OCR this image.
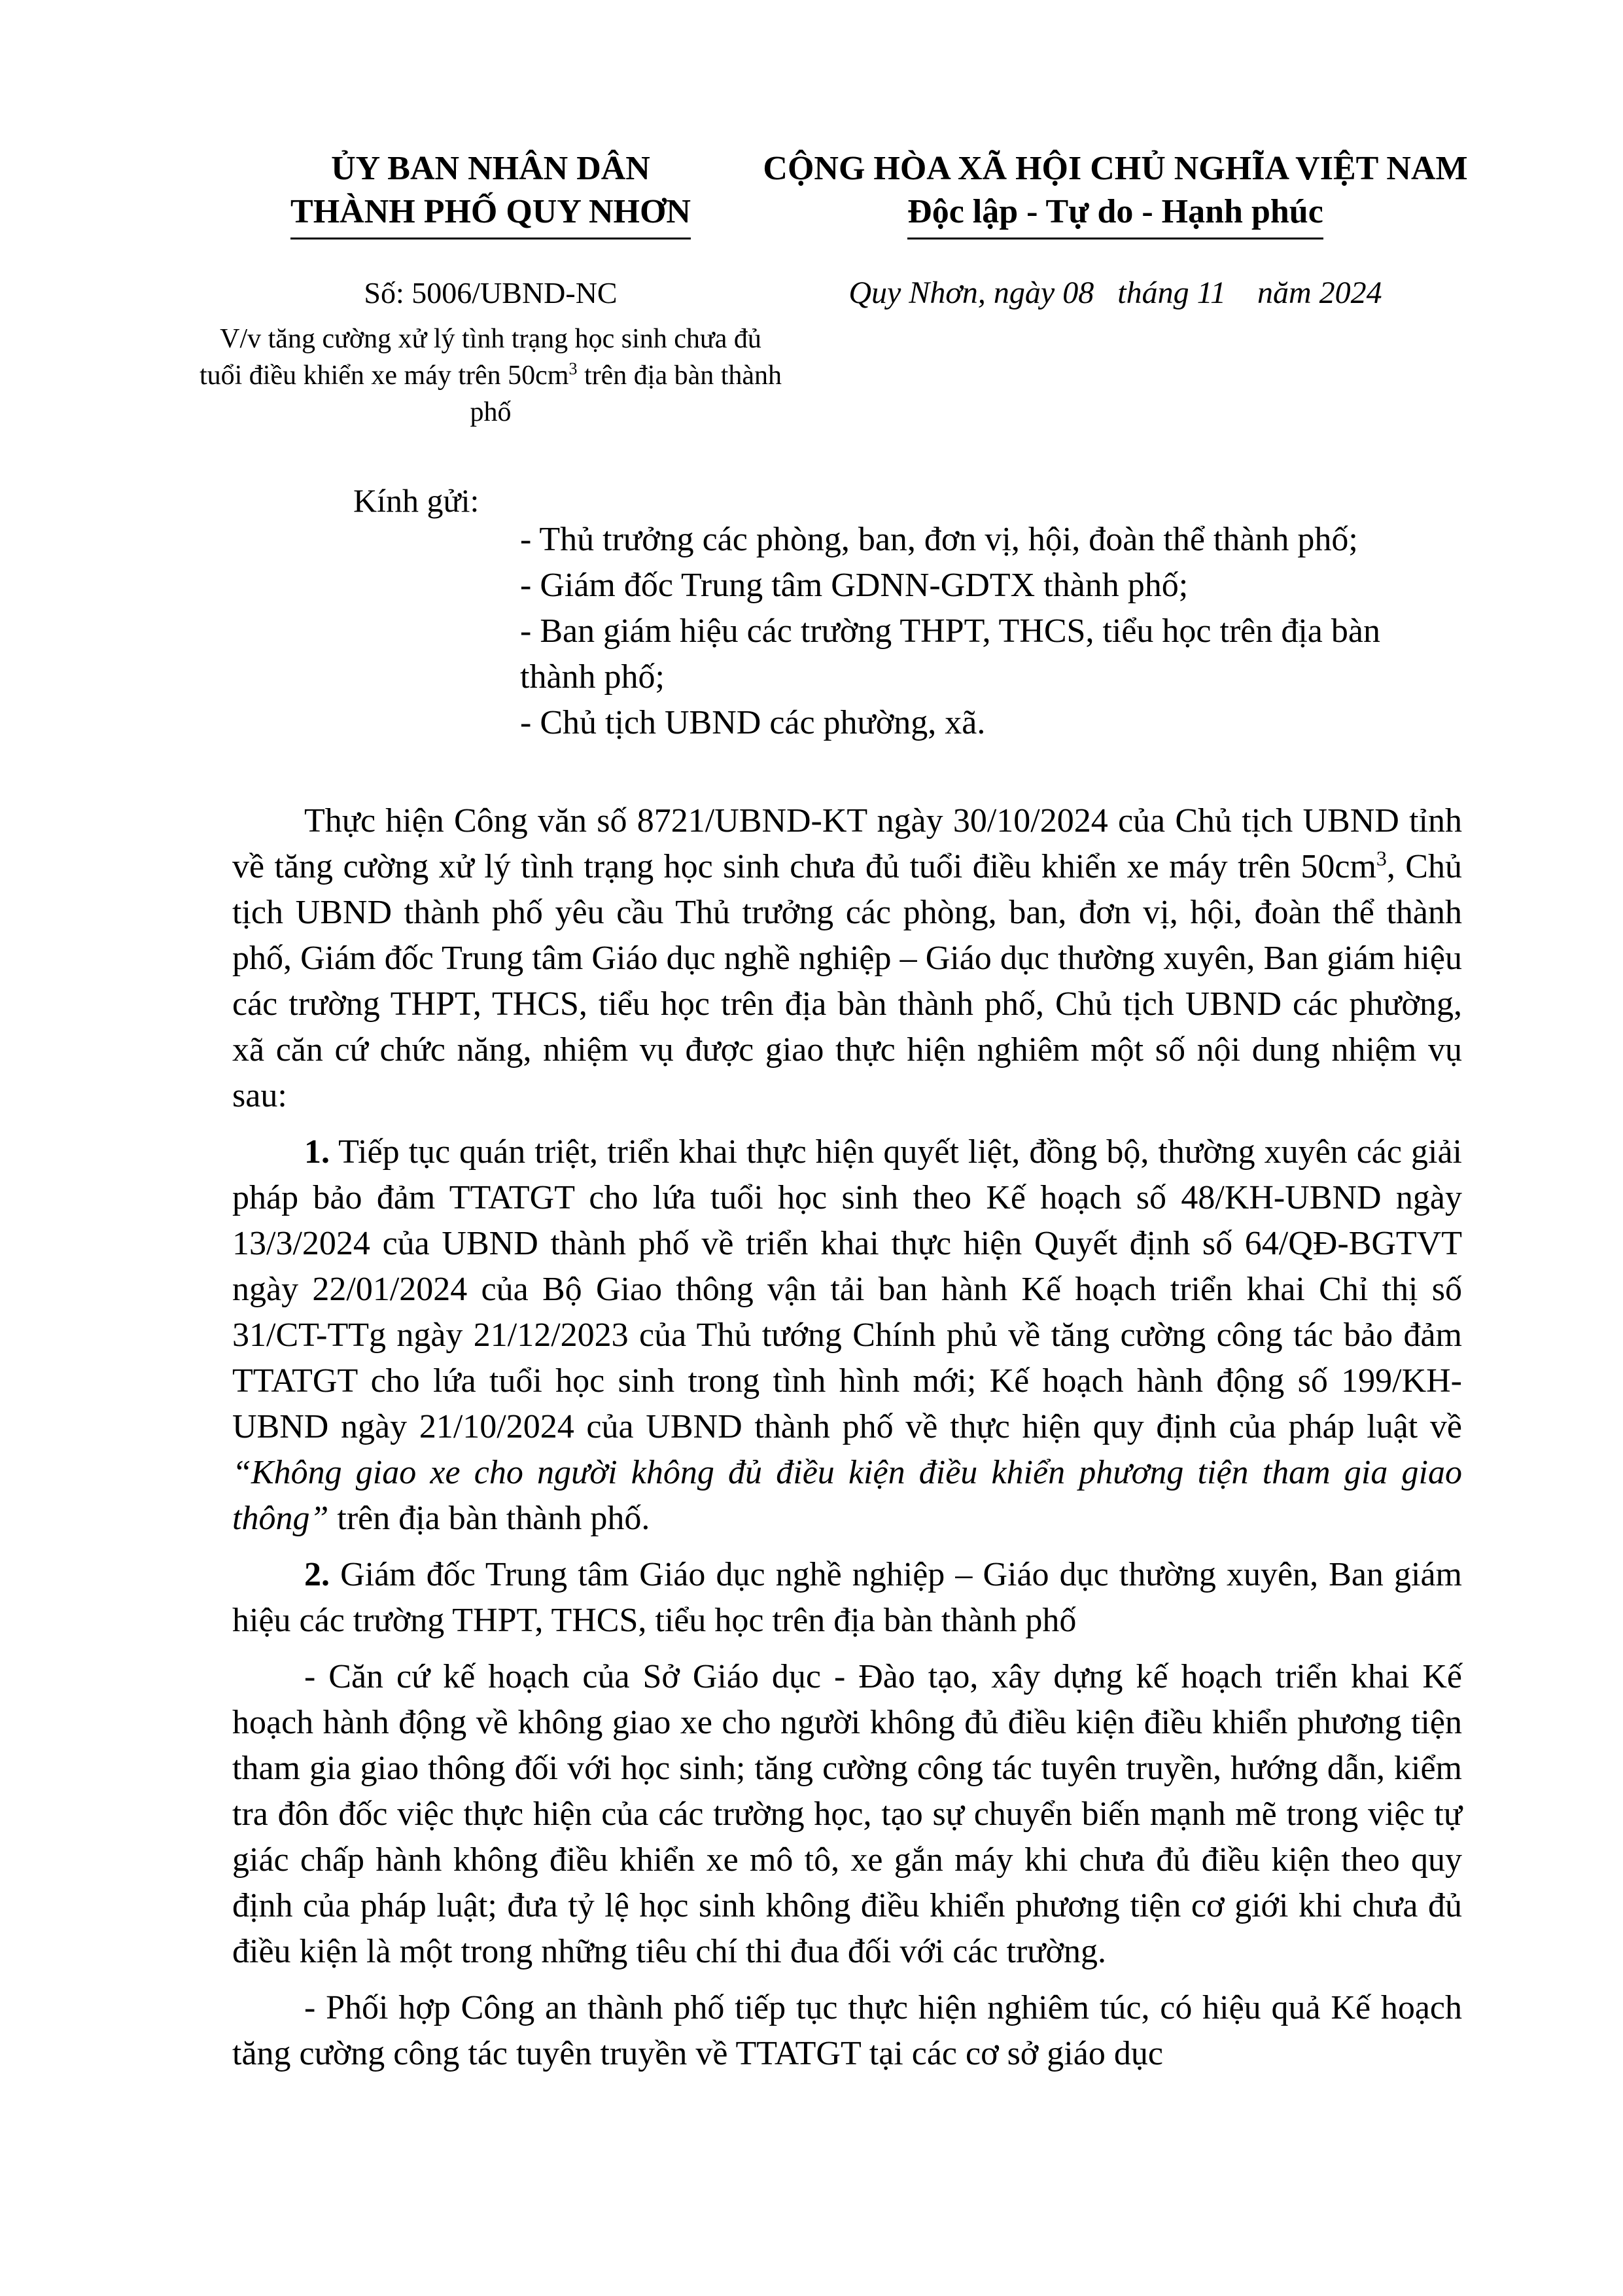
ỦY BAN NHÂN DÂN
THÀNH PHỐ QUY NHƠN
CỘNG HÒA XÃ HỘI CHỦ NGHĨA VIỆT NAM
Độc lập - Tự do - Hạnh phúc
Số: 5006/UBND-NC
V/v tăng cường xử lý tình trạng học sinh chưa đủ tuổi điều khiển xe máy trên $50cm^3$ trên địa bàn thành phố
Quy Nhơn, ngày 08   tháng 11    năm 2024
Kính gửi:
- Thủ trưởng các phòng, ban, đơn vị, hội, đoàn thể thành phố;
- Giám đốc Trung tâm GDNN-GDTX thành phố;
- Ban giám hiệu các trường THPT, THCS, tiểu học trên địa bàn thành phố;
- Chủ tịch UBND các phường, xã.

Thực hiện Công văn số 8721/UBND-KT ngày 30/10/2024 của Chủ tịch UBND tỉnh về tăng cường xử lý tình trạng học sinh chưa đủ tuổi điều khiển xe máy trên $50cm^3$, Chủ tịch UBND thành phố yêu cầu Thủ trưởng các phòng, ban, đơn vị, hội, đoàn thể thành phố, Giám đốc Trung tâm Giáo dục nghề nghiệp – Giáo dục thường xuyên, Ban giám hiệu các trường THPT, THCS, tiểu học trên địa bàn thành phố, Chủ tịch UBND các phường, xã căn cứ chức năng, nhiệm vụ được giao thực hiện nghiêm một số nội dung nhiệm vụ sau:

1. Tiếp tục quán triệt, triển khai thực hiện quyết liệt, đồng bộ, thường xuyên các giải pháp bảo đảm TTATGT cho lứa tuổi học sinh theo Kế hoạch số 48/KH-UBND ngày 13/3/2024 của UBND thành phố về triển khai thực hiện Quyết định số 64/QĐ-BGTVT ngày 22/01/2024 của Bộ Giao thông vận tải ban hành Kế hoạch triển khai Chỉ thị số 31/CT-TTg ngày 21/12/2023 của Thủ tướng Chính phủ về tăng cường công tác bảo đảm TTATGT cho lứa tuổi học sinh trong tình hình mới; Kế hoạch hành động số 199/KH-UBND ngày 21/10/2024 của UBND thành phố về thực hiện quy định của pháp luật về “Không giao xe cho người không đủ điều kiện điều khiển phương tiện tham gia giao thông” trên địa bàn thành phố.

2. Giám đốc Trung tâm Giáo dục nghề nghiệp – Giáo dục thường xuyên, Ban giám hiệu các trường THPT, THCS, tiểu học trên địa bàn thành phố

- Căn cứ kế hoạch của Sở Giáo dục - Đào tạo, xây dựng kế hoạch triển khai Kế hoạch hành động về không giao xe cho người không đủ điều kiện điều khiển phương tiện tham gia giao thông đối với học sinh; tăng cường công tác tuyên truyền, hướng dẫn, kiểm tra đôn đốc việc thực hiện của các trường học, tạo sự chuyển biến mạnh mẽ trong việc tự giác chấp hành không điều khiển xe mô tô, xe gắn máy khi chưa đủ điều kiện theo quy định của pháp luật; đưa tỷ lệ học sinh không điều khiển phương tiện cơ giới khi chưa đủ điều kiện là một trong những tiêu chí thi đua đối với các trường.

- Phối hợp Công an thành phố tiếp tục thực hiện nghiêm túc, có hiệu quả Kế hoạch tăng cường công tác tuyên truyền về TTATGT tại các cơ sở giáo dục
